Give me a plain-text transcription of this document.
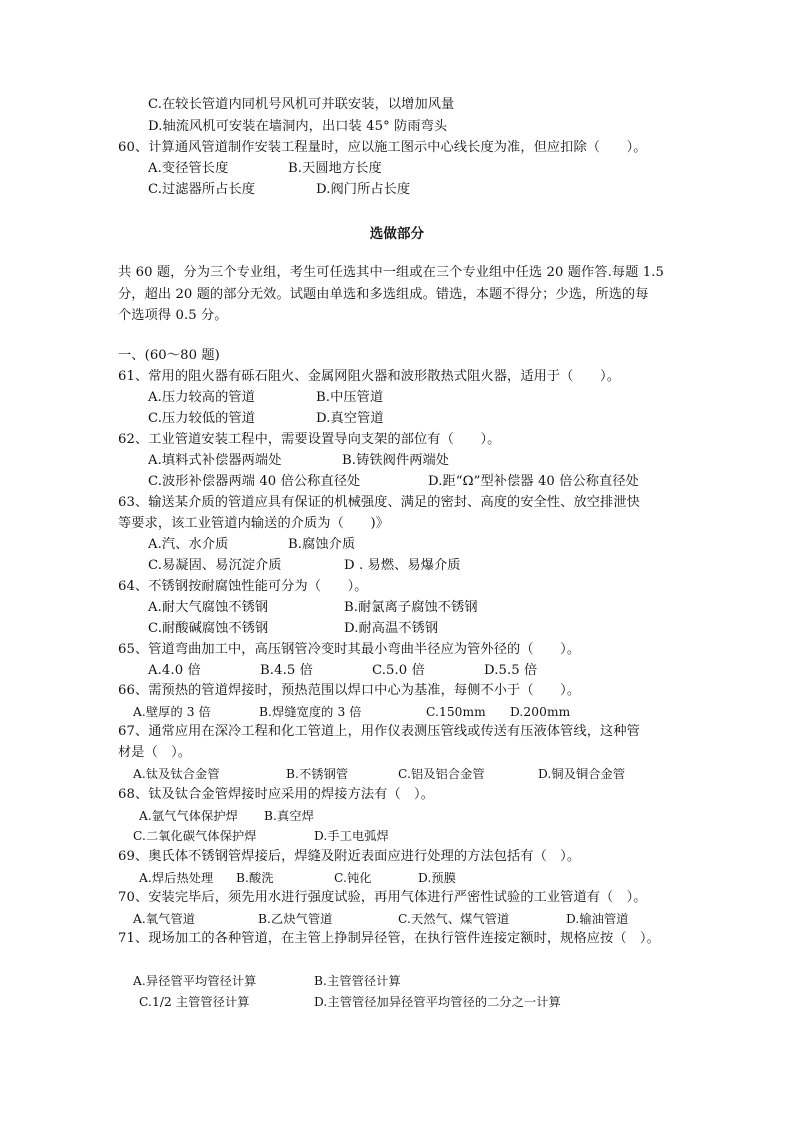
C.在较长管道内同机号风机可并联安装，以增加风量
D.轴流风机可安装在墙洞内，出口装 45° 防雨弯头
60、计算通风管道制作安装工程量时，应以施工图示中心线长度为准，但应扣除（　　）。
A.变径管长度	B.天圆地方长度
C.过滤器所占长度	D.阀门所占长度
选做部分
共 60 题，分为三个专业组，考生可任选其中一组或在三个专业组中任选 20 题作答.每题 1.5
分，超出 20 题的部分无效。试题由单选和多选组成。错选，本题不得分；少选，所选的每
个选项得 0.5 分。
一、(60～80 题)
61、常用的阻火器有砾石阻火、金属网阻火器和波形散热式阻火器，适用于（　　）。
A.压力较高的管道	B.中压管道
C.压力较低的管道	D.真空管道
62、工业管道安装工程中，需要设置导向支架的部位有（　　）。
A.填料式补偿器两端处	B.铸铁阀件两端处
C.波形补偿器两端 40 倍公称直径处	D.距“Ω”型补偿器 40 倍公称直径处
63、输送某介质的管道应具有保证的机械强度、满足的密封、高度的安全性、放空排泄快
等要求，该工业管道内输送的介质为（　　)》
A.汽、水介质	B.腐蚀介质
C.易凝固、易沉淀介质	D . 易燃、易爆介质
64、不锈钢按耐腐蚀性能可分为（　　）。
A.耐大气腐蚀不锈钢	B.耐氯离子腐蚀不锈钢
C.耐酸碱腐蚀不锈钢	D.耐高温不锈钢
65、管道弯曲加工中，高压钢管冷变时其最小弯曲半径应为管外径的（　　）。
A.4.0 倍	B.4.5 倍	C.5.0 倍	D.5.5 倍
66、需预热的管道焊接时，预热范围以焊口中心为基准，每侧不小于（　　）。
A.壁厚的 3 倍	B.焊缝宽度的 3 倍	C.150mm D.200mm
67、通常应用在深冷工程和化工管道上，用作仪表测压管线或传送有压液体管线，这种管
材是（　）。
A.钛及钛合金管	B.不锈钢管	C.铝及铝合金管	D.铜及铜合金管
68、钛及钛合金管焊接时应采用的焊接方法有（　）。
A.氩气气体保护焊 B.真空焊
C.二氧化碳气体保护焊	D.手工电弧焊
69、奥氏体不锈钢管焊接后，焊缝及附近表面应进行处理的方法包括有（　）。
A.焊后热处理 B.酸洗	C.钝化	D.预膜
70、安装完毕后，须先用水进行强度试验，再用气体进行严密性试验的工业管道有（　）。
A.氧气管道	B.乙炔气管道	C.天然气、煤气管道	D.输油管道
71、现场加工的各种管道，在主管上挣制异径管，在执行管件连接定额时，规格应按（　）。
A.异径管平均管径计算	B.主管管径计算
C.1/2 主管管径计算	D.主管管径加异径管平均管径的二分之一计算
